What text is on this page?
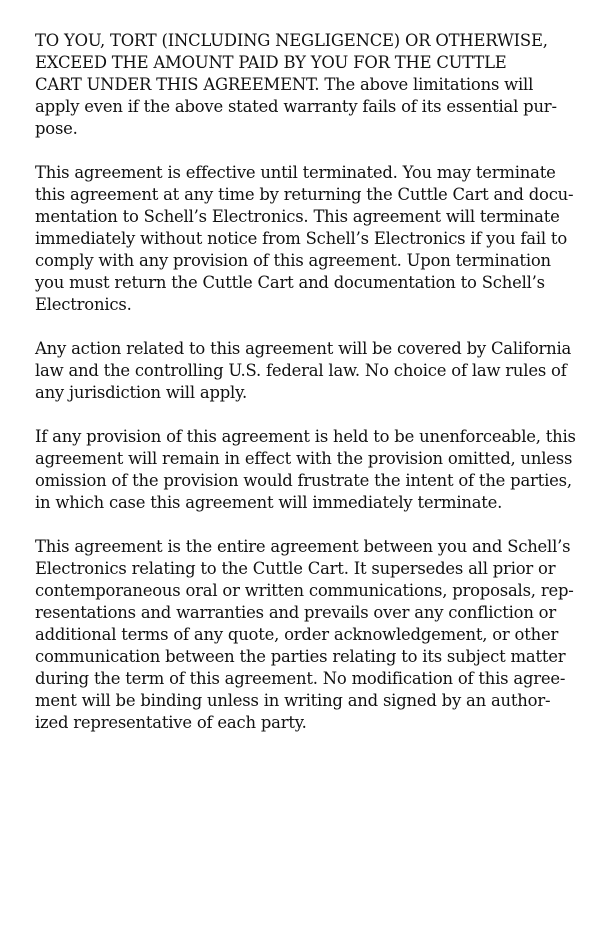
TO YOU, TORT (INCLUDING NEGLIGENCE) OR OTHERWISE,
EXCEED THE AMOUNT PAID BY YOU FOR THE CUTTLE
CART UNDER THIS AGREEMENT. The above limitations will
apply even if the above stated warranty fails of its essential pur-
pose.

This agreement is effective until terminated. You may terminate
this agreement at any time by returning the Cuttle Cart and docu-
mentation to Schell’s Electronics. This agreement will terminate
immediately without notice from Schell’s Electronics if you fail to
comply with any provision of this agreement. Upon termination
you must return the Cuttle Cart and documentation to Schell’s
Electronics.

Any action related to this agreement will be covered by California
law and the controlling U.S. federal law. No choice of law rules of
any jurisdiction will apply.

If any provision of this agreement is held to be unenforceable, this
agreement will remain in effect with the provision omitted, unless
omission of the provision would frustrate the intent of the parties,
in which case this agreement will immediately terminate.

This agreement is the entire agreement between you and Schell’s
Electronics relating to the Cuttle Cart. It supersedes all prior or
contemporaneous oral or written communications, proposals, rep-
resentations and warranties and prevails over any confliction or
additional terms of any quote, order acknowledgement, or other
communication between the parties relating to its subject matter
during the term of this agreement. No modification of this agree-
ment will be binding unless in writing and signed by an author-
ized representative of each party.
